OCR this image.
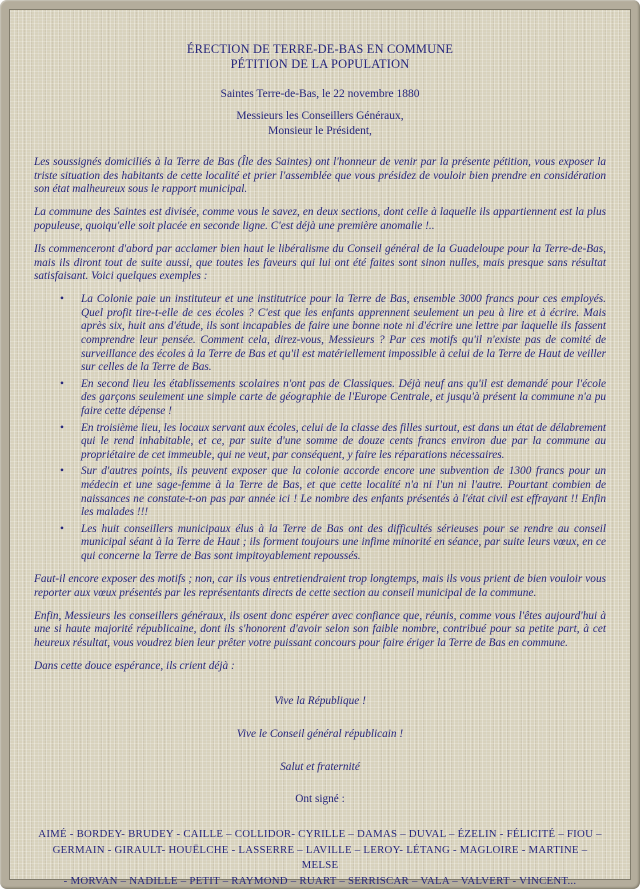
ÉRECTION DE TERRE-DE-BAS EN COMMUNE
PÉTITION DE LA POPULATION
Saintes Terre-de-Bas, le 22 novembre 1880
Messieurs les Conseillers Généraux,
Monsieur le Président,

Les soussignés domiciliés à la Terre de Bas (Île des Saintes) ont l'honneur de venir par la présente pétition, vous exposer la triste situation des habitants de cette localité et prier l'assemblée que vous présidez de vouloir bien prendre en considération son état malheureux sous le rapport municipal.

La commune des Saintes est divisée, comme vous le savez, en deux sections, dont celle à laquelle ils appartiennent est la plus populeuse, quoiqu'elle soit placée en seconde ligne. C'est déjà une première anomalie !..

Ils commenceront d'abord par acclamer bien haut le libéralisme du Conseil général de la Guadeloupe pour la Terre-de-Bas, mais ils diront tout de suite aussi, que toutes les faveurs qui lui ont été faites sont sinon nulles, mais presque sans résultat satisfaisant. Voici quelques exemples :

• La Colonie paie un instituteur et une institutrice pour la Terre de Bas, ensemble 3000 francs pour ces employés. Quel profit tire-t-elle de ces écoles ? C'est que les enfants apprennent seulement un peu à lire et à écrire. Mais après six, huit ans d'étude, ils sont incapables de faire une bonne note ni d'écrire une lettre par laquelle ils fassent comprendre leur pensée. Comment cela, direz-vous, Messieurs ? Par ces motifs qu'il n'existe pas de comité de surveillance des écoles à la Terre de Bas et qu'il est matériellement impossible à celui de la Terre de Haut de veiller sur celles de la Terre de Bas.
• En second lieu les établissements scolaires n'ont pas de Classiques. Déjà neuf ans qu'il est demandé pour l'école des garçons seulement une simple carte de géographie de l'Europe Centrale, et jusqu'à présent la commune n'a pu faire cette dépense !
• En troisième lieu, les locaux servant aux écoles, celui de la classe des filles surtout, est dans un état de délabrement qui le rend inhabitable, et ce, par suite d'une somme de douze cents francs environ due par la commune au propriétaire de cet immeuble, qui ne veut, par conséquent, y faire les réparations nécessaires.
• Sur d'autres points, ils peuvent exposer que la colonie accorde encore une subvention de 1300 francs pour un médecin et une sage-femme à la Terre de Bas, et que cette localité n'a ni l'un ni l'autre. Pourtant combien de naissances ne constate-t-on pas par année ici ! Le nombre des enfants présentés à l'état civil est effrayant !! Enfin les malades !!!
• Les huit conseillers municipaux élus à la Terre de Bas ont des difficultés sérieuses pour se rendre au conseil municipal séant à la Terre de Haut ; ils forment toujours une infime minorité en séance, par suite leurs vœux, en ce qui concerne la Terre de Bas sont impitoyablement repoussés.

Faut-il encore exposer des motifs ; non, car ils vous entretiendraient trop longtemps, mais ils vous prient de bien vouloir vous reporter aux vœux présentés par les représentants directs de cette section au conseil municipal de la commune.

Enfin, Messieurs les conseillers généraux, ils osent donc espérer avec confiance que, réunis, comme vous l'êtes aujourd'hui à une si haute majorité républicaine, dont ils s'honorent d'avoir selon son faible nombre, contribué pour sa petite part, à cet heureux résultat, vous voudrez bien leur prêter votre puissant concours pour faire ériger la Terre de Bas en commune.

Dans cette douce espérance, ils crient déjà :

Vive la République !
Vive le Conseil général républicain !
Salut et fraternité
Ont signé :
AIMÉ - BORDEY- BRUDEY - CAILLE – COLLIDOR- CYRILLE – DAMAS – DUVAL – ÉZELIN - FÉLICITÉ – FIOU –
GERMAIN - GIRAULT- HOUËLCHE - LASSERRE – LAVILLE – LEROY- LÉTANG - MAGLOIRE - MARTINE – MELSE
- MORVAN – NADILLE – PETIT – RAYMOND – RUART – SERRISCAR – VALA – VALVERT - VINCENT...
